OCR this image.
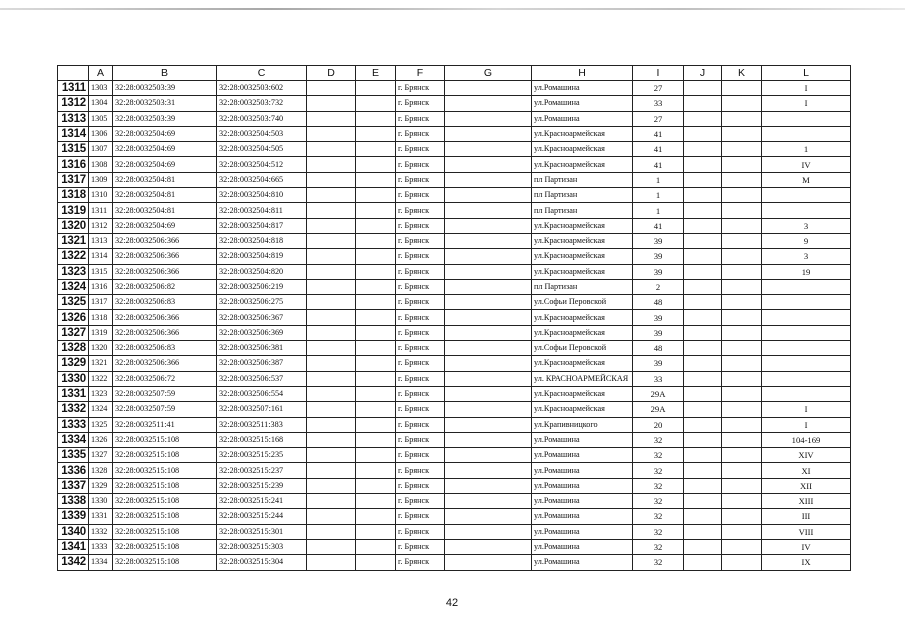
	A	B	C	D	E	F	G	H	I	J	K	L
1311	1303	32:28:0032503:39	32:28:0032503:602			г. Брянск		ул.Ромашина	27			I
1312	1304	32:28:0032503:31	32:28:0032503:732			г. Брянск		ул.Ромашина	33			I
1313	1305	32:28:0032503:39	32:28:0032503:740			г. Брянск		ул.Ромашина	27			
1314	1306	32:28:0032504:69	32:28:0032504:503			г. Брянск		ул.Красноармейская	41			
1315	1307	32:28:0032504:69	32:28:0032504:505			г. Брянск		ул.Красноармейская	41			1
1316	1308	32:28:0032504:69	32:28:0032504:512			г. Брянск		ул.Красноармейская	41			IV
1317	1309	32:28:0032504:81	32:28:0032504:665			г. Брянск		пл Партизан	1			М
1318	1310	32:28:0032504:81	32:28:0032504:810			г. Брянск		пл Партизан	1			
1319	1311	32:28:0032504:81	32:28:0032504:811			г. Брянск		пл Партизан	1			
1320	1312	32:28:0032504:69	32:28:0032504:817			г. Брянск		ул.Красноармейская	41			3
1321	1313	32:28:0032506:366	32:28:0032504:818			г. Брянск		ул.Красноармейская	39			9
1322	1314	32:28:0032506:366	32:28:0032504:819			г. Брянск		ул.Красноармейская	39			3
1323	1315	32:28:0032506:366	32:28:0032504:820			г. Брянск		ул.Красноармейская	39			19
1324	1316	32:28:0032506:82	32:28:0032506:219			г. Брянск		пл Партизан	2			
1325	1317	32:28:0032506:83	32:28:0032506:275			г. Брянск		ул.Софьи Перовской	48			
1326	1318	32:28:0032506:366	32:28:0032506:367			г. Брянск		ул.Красноармейская	39			
1327	1319	32:28:0032506:366	32:28:0032506:369			г. Брянск		ул.Красноармейская	39			
1328	1320	32:28:0032506:83	32:28:0032506:381			г. Брянск		ул.Софьи Перовской	48			
1329	1321	32:28:0032506:366	32:28:0032506:387			г. Брянск		ул.Красноармейская	39			
1330	1322	32:28:0032506:72	32:28:0032506:537			г. Брянск		ул. КРАСНОАРМЕЙСКАЯ	33			
1331	1323	32:28:0032507:59	32:28:0032506:554			г. Брянск		ул.Красноармейская	29А			
1332	1324	32:28:0032507:59	32:28:0032507:161			г. Брянск		ул.Красноармейская	29А			I
1333	1325	32:28:0032511:41	32:28:0032511:383			г. Брянск		ул.Крапивницкого	20			I
1334	1326	32:28:0032515:108	32:28:0032515:168			г. Брянск		ул.Ромашина	32			104-169
1335	1327	32:28:0032515:108	32:28:0032515:235			г. Брянск		ул.Ромашина	32			XIV
1336	1328	32:28:0032515:108	32:28:0032515:237			г. Брянск		ул.Ромашина	32			XI
1337	1329	32:28:0032515:108	32:28:0032515:239			г. Брянск		ул.Ромашина	32			XII
1338	1330	32:28:0032515:108	32:28:0032515:241			г. Брянск		ул.Ромашина	32			XIII
1339	1331	32:28:0032515:108	32:28:0032515:244			г. Брянск		ул.Ромашина	32			III
1340	1332	32:28:0032515:108	32:28:0032515:301			г. Брянск		ул.Ромашина	32			VIII
1341	1333	32:28:0032515:108	32:28:0032515:303			г. Брянск		ул.Ромашина	32			IV
1342	1334	32:28:0032515:108	32:28:0032515:304			г. Брянск		ул.Ромашина	32			IX
42
